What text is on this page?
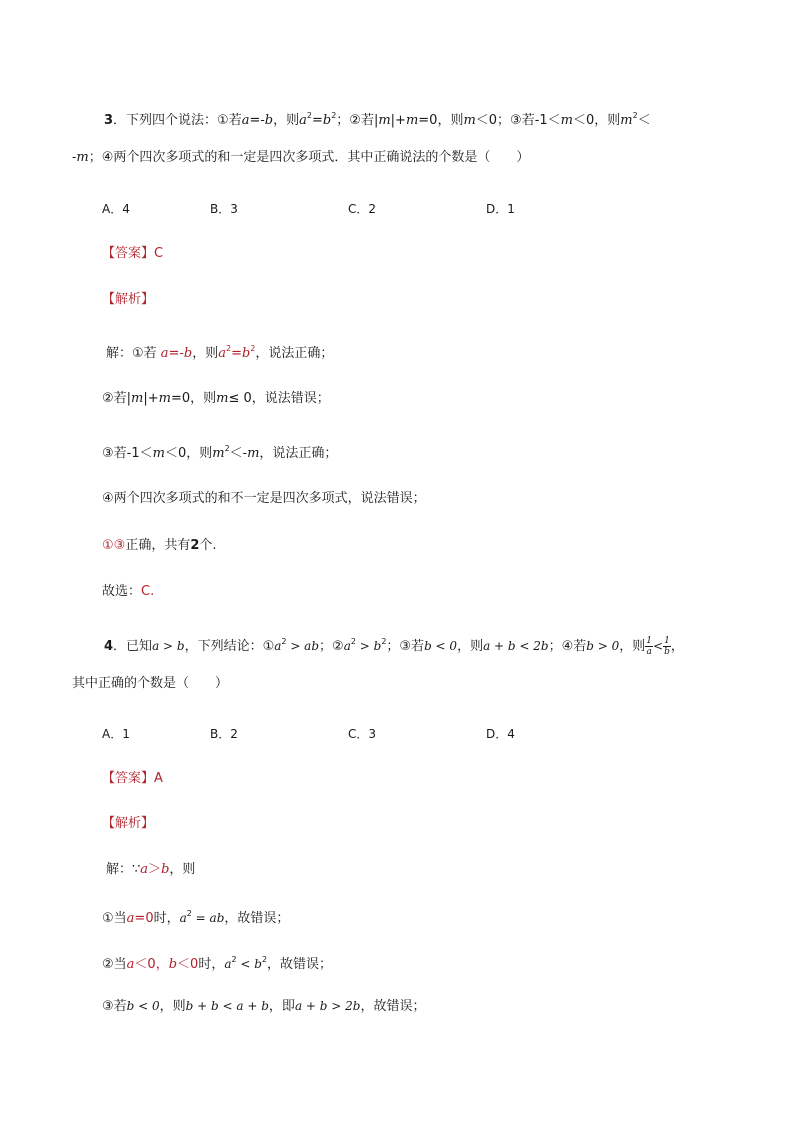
3．下列四个说法：①若a=-b，则$a^2=b^2$；②若|m|+m=0，则m＜0；③若-1＜m＜0，则$m^2<$
-m；④两个四次多项式的和一定是四次多项式．其中正确说法的个数是（　　）
A．4	B．3	C．2	D．1
【答案】C
【解析】
解：①若 a=-b，则$a^2=b^2$，说法正确；
②若|m|+m=0，则m≤ 0，说法错误；
③若-1＜m＜0，则$m^2<-m$，说法正确；
④两个四次多项式的和不一定是四次多项式，说法错误；
①③正确，共有2个.
故选：C.
4．已知a > b，下列结论：$①a^2$ > ab；$②a^2 > b^2$；③若b < 0，则a + b < 2b；④若b > 0，则 $\frac{1}{a} < \frac{1}{b}$ ，
其中正确的个数是（　　）
A．1	B．2	C．3	D．4
【答案】A
【解析】
解：∵a＞b，则
①当a=0时，$a^2$ = ab，故错误；
②当a＜0，b＜0时，$a^2 < b^2$，故错误；
③若b < 0，则b + b < a + b，即a + b > 2b，故错误；
